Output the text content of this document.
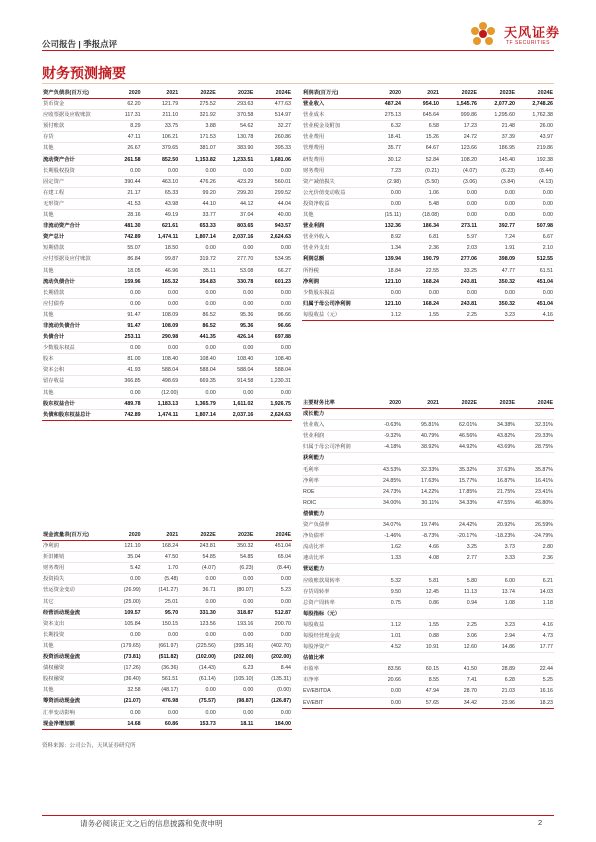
公司报告 | 季报点评
天风证券
TF SECURITIES
财务预测摘要
资产负债表(百万元)	2020	2021	2022E	2023E	2024E
货币资金	62.20	121.79	275.52	293.63	477.63
应收票据及应收账款	117.31	211.10	321.92	370.58	514.97
预付账款	8.29	33.75	3.88	54.62	32.27
存货	47.11	106.21	171.53	130.78	260.86
其他	26.67	379.65	381.07	383.90	395.33
流动资产合计	261.58	852.50	1,153.82	1,233.51	1,681.06
长期股权投资	0.00	0.00	0.00	0.00	0.00
固定资产	390.44	463.10	476.26	423.29	560.01
在建工程	21.17	65.33	99.20	299.20	299.52
无形资产	41.53	43.98	44.10	44.12	44.04
其他	28.16	49.19	33.77	37.04	40.00
非流动资产合计	481.30	621.61	653.33	803.65	943.57
资产总计	742.89	1,474.11	1,807.14	2,037.16	2,624.63
短期借款	55.07	18.50	0.00	0.00	0.00
应付票据及应付账款	86.84	99.87	319.72	277.70	534.95
其他	18.05	46.96	35.11	53.08	66.27
流动负债合计	159.96	165.32	354.83	330.78	601.23
长期借款	0.00	0.00	0.00	0.00	0.00
应付债券	0.00	0.00	0.00	0.00	0.00
其他	91.47	108.09	86.52	95.36	96.66
非流动负债合计	91.47	108.09	86.52	95.36	96.66
负债合计	253.11	290.98	441.35	426.14	697.88
少数股东权益	0.00	0.00	0.00	0.00	0.00
股本	81.00	108.40	108.40	108.40	108.40
资本公积	41.93	588.04	588.04	588.04	588.04
留存收益	366.85	498.69	669.35	914.58	1,230.31
其他	0.00	(12.00)	0.00	0.00	0.00
股东权益合计	489.78	1,183.13	1,365.79	1,611.02	1,926.75
负债和股东权益总计	742.89	1,474.11	1,807.14	2,037.16	2,624.63
利润表(百万元)	2020	2021	2022E	2023E	2024E
营业收入	487.24	954.10	1,545.76	2,077.20	2,748.26
营业成本	275.13	645.64	999.86	1,295.60	1,762.38
营业税金及附加	6.32	6.58	17.23	21.48	26.00
营业费用	18.41	15.26	24.72	37.39	43.97
管理费用	35.77	64.67	123.66	186.95	219.86
研发费用	30.12	52.84	108.20	145.40	192.38
财务费用	7.23	(0.21)	(4.07)	(6.23)	(8.44)
资产减值损失	(2.98)	(5.50)	(3.06)	(3.84)	(4.13)
公允价值变动收益	0.00	1.06	0.00	0.00	0.00
投资净收益	0.00	5.48	0.00	0.00	0.00
其他	(15.11)	(18.08)	0.00	0.00	0.00
营业利润	132.36	186.34	273.11	392.77	507.98
营业外收入	8.92	6.81	5.97	7.24	6.67
营业外支出	1.34	2.36	2.03	1.91	2.10
利润总额	139.94	190.79	277.06	398.09	512.55
所得税	18.84	22.55	33.25	47.77	61.51
净利润	121.10	168.24	243.81	350.32	451.04
少数股东损益	0.00	0.00	0.00	0.00	0.00
归属于母公司净利润	121.10	168.24	243.81	350.32	451.04
每股收益（元）	1.12	1.55	2.25	3.23	4.16
主要财务比率	2020	2021	2022E	2023E	2024E
成长能力					
营业收入	-0.63%	95.81%	62.01%	34.38%	32.31%
营业利润	-9.32%	40.79%	46.56%	43.82%	29.33%
归属于母公司净利润	-4.18%	38.92%	44.92%	43.69%	28.75%
获利能力					
毛利率	43.53%	32.33%	35.32%	37.63%	35.87%
净利率	24.85%	17.63%	15.77%	16.87%	16.41%
ROE	24.73%	14.22%	17.85%	21.75%	23.41%
ROIC	34.00%	30.11%	34.33%	47.55%	46.80%
偿债能力					
资产负债率	34.07%	19.74%	24.42%	20.92%	26.59%
净负债率	-1.46%	-8.73%	-20.17%	-18.23%	-24.79%
流动比率	1.62	4.66	3.25	3.73	2.80
速动比率	1.33	4.08	2.77	3.33	2.36
营运能力					
应收账款周转率	5.32	5.81	5.80	6.00	6.21
存货周转率	9.50	12.45	11.13	13.74	14.03
总资产周转率	0.75	0.86	0.94	1.08	1.18
每股指标（元）					
每股收益	1.12	1.55	2.25	3.23	4.16
每股经营现金流	1.01	0.88	3.06	2.94	4.73
每股净资产	4.52	10.91	12.60	14.86	17.77
估值比率					
市盈率	83.56	60.15	41.50	28.89	22.44
市净率	20.66	8.55	7.41	6.28	5.25
EV/EBITDA	0.00	47.94	28.70	21.03	16.16
EV/EBIT	0.00	57.65	34.42	23.96	18.23
现金流量表(百万元)	2020	2021	2022E	2023E	2024E
净利润	121.10	168.24	243.81	350.32	451.04
折旧摊销	35.04	47.50	54.85	54.85	65.04
财务费用	5.42	1.70	(4.07)	(6.23)	(8.44)
投资损失	0.00	(5.48)	0.00	0.00	0.00
营运资金变动	(26.99)	(141.27)	36.71	(80.07)	5.23
其它	(25.00)	25.01	0.00	0.00	0.00
经营活动现金流	109.57	95.70	331.30	318.87	512.87
资本支出	105.84	150.15	123.56	193.16	200.70
长期投资	0.00	0.00	0.00	0.00	0.00
其他	(179.65)	(661.97)	(225.56)	(395.16)	(402.70)
投资活动现金流	(73.81)	(511.82)	(102.00)	(202.00)	(202.00)
债权融资	(17.26)	(36.36)	(14.43)	6.23	8.44
股权融资	(36.40)	561.51	(61.14)	(105.10)	(135.31)
其他	32.58	(48.17)	0.00	0.00	(0.00)
筹资活动现金流	(21.07)	476.98	(75.57)	(98.87)	(126.87)
汇率变动影响	0.00	0.00	0.00	0.00	0.00
现金净增加额	14.68	60.86	153.73	18.11	184.00
资料来源：公司公告，天风证券研究所
请务必阅读正文之后的信息披露和免责申明	2
